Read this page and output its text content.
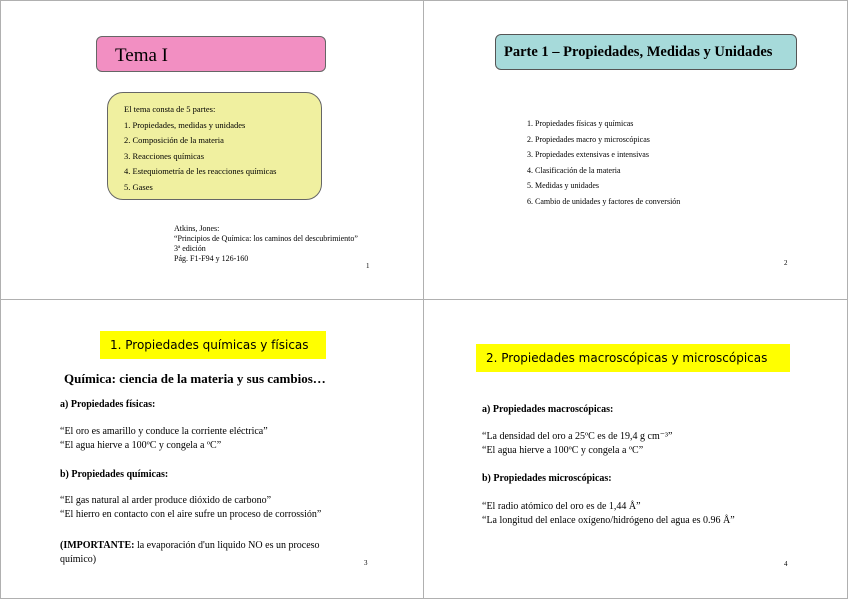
Tema I
El tema consta de 5 partes:
1. Propiedades, medidas y unidades
2. Composición de la materia
3. Reacciones químicas
4. Estequiometría de les reacciones químicas
5. Gases
Atkins, Jones:
“Principios de Química: los caminos del descubrimiento”
3ª edición
Pág. F1-F94 y 126-160
1
Parte 1 – Propiedades, Medidas y Unidades
1. Propiedades físicas y químicas
2. Propiedades macro y microscópicas
3. Propiedades extensivas e intensivas
4. Clasificación de la materia
5. Medidas y unidades
6. Cambio de unidades y factores de conversión
2
1. Propiedades químicas y físicas
Química: ciencia de la materia y sus cambios…
a) Propiedades físicas:
“El oro es amarillo y conduce la corriente eléctrica”
“El agua hierve a 100ºC y congela a ºC”
b) Propiedades químicas:
“El gas natural al arder produce dióxido de carbono”
“El hierro en contacto con el aire sufre un proceso de corrossión”
(IMPORTANTE: la evaporación d'un liquido NO es un proceso
químico)	3
2. Propiedades macroscópicas y microscópicas
a) Propiedades macroscópicas:
“La densidad del oro a 25ºC es de 19,4 g cm⁻³”
“El agua hierve a 100ºC y congela a ºC”
b) Propiedades microscópicas:
“El radio atómico del oro es de 1,44 Å”
“La longitud del enlace oxígeno/hidrógeno del agua es 0.96 Å”
4
